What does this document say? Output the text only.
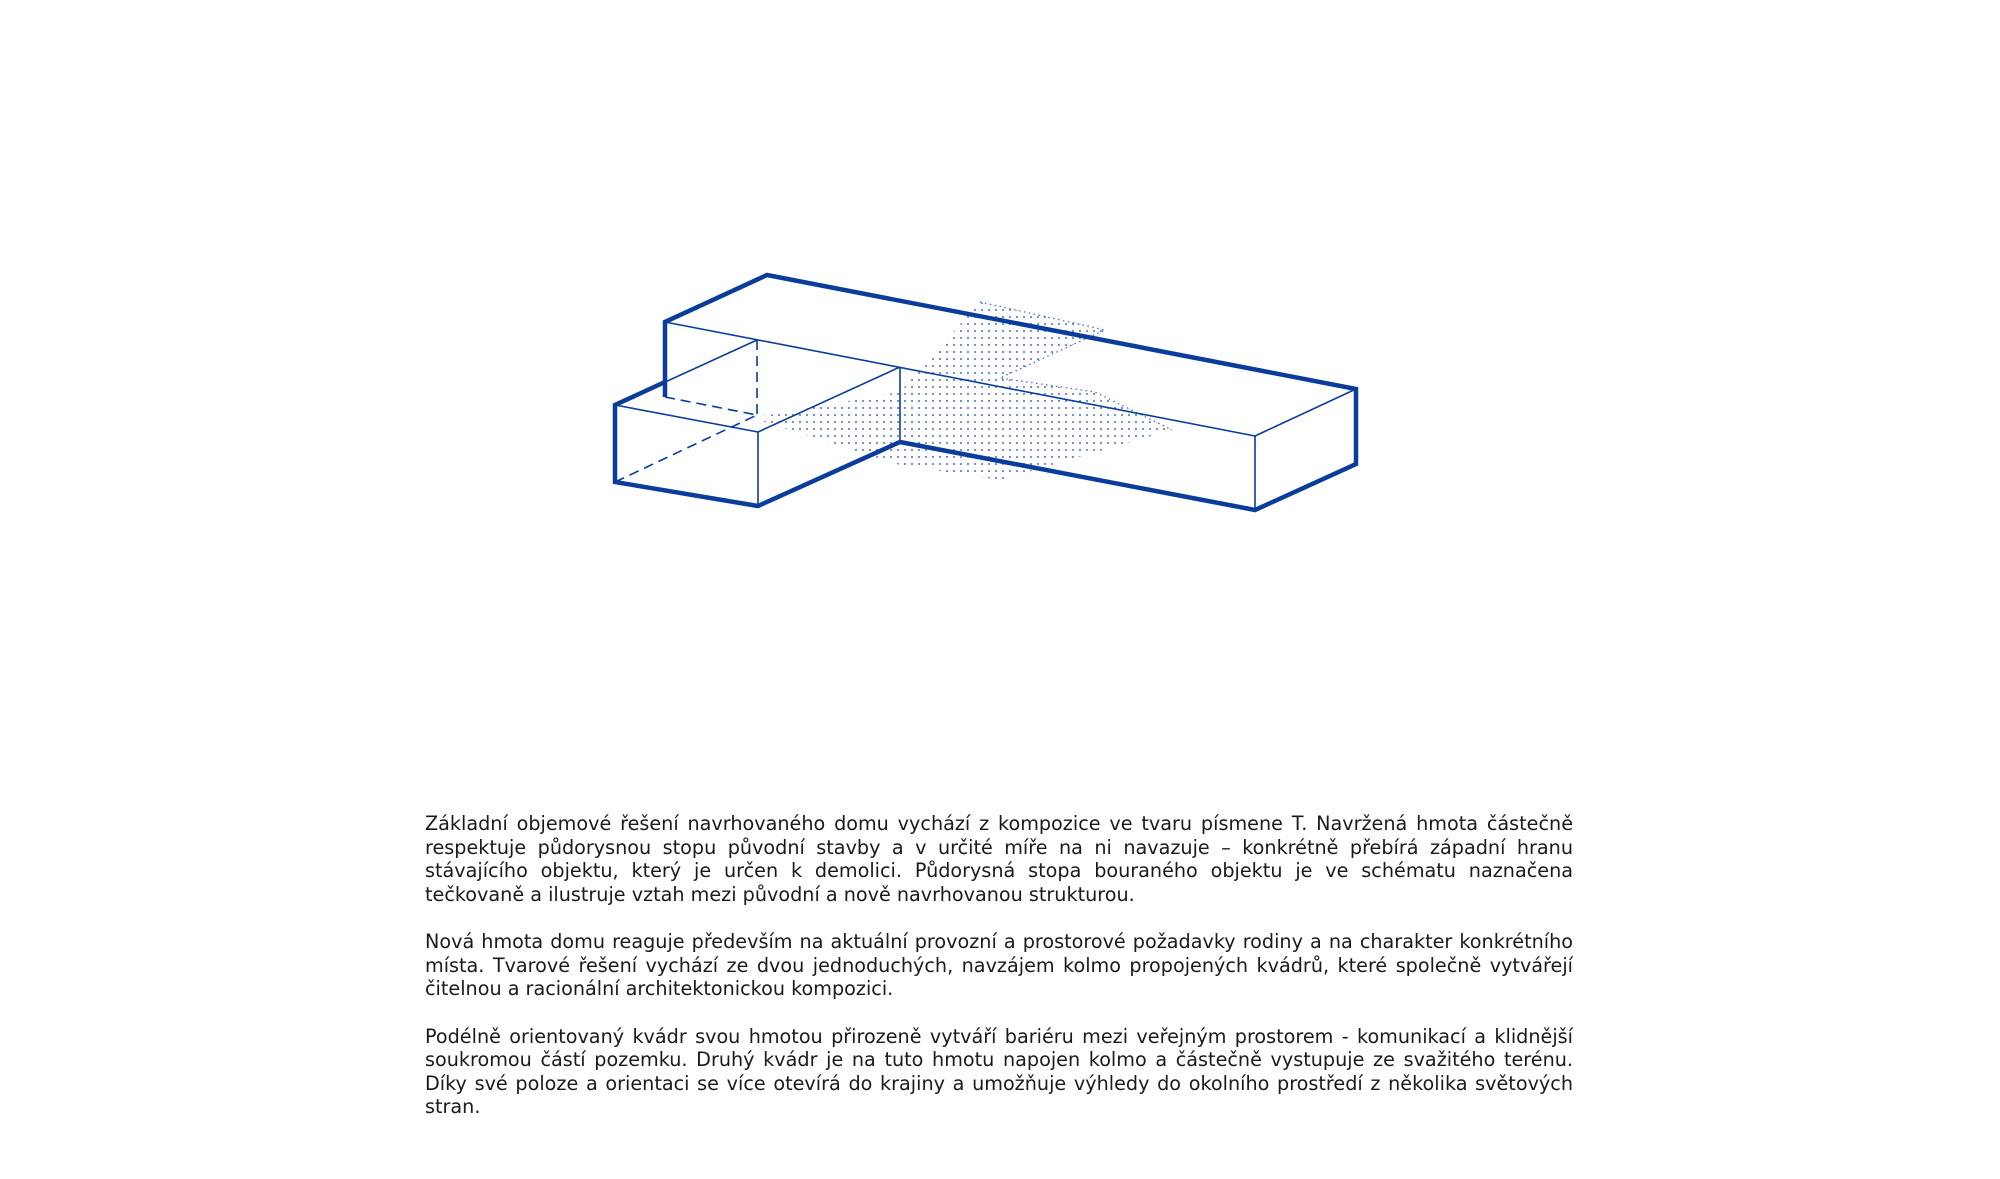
Základní objemové řešení navrhovaného domu vychází z kompozice ve tvaru písmene T. Navržená hmota částečně respektuje půdorysnou stopu původní stavby a v určité míře na ni navazuje – konkrétně přebírá západní hranu stávajícího objektu, který je určen k demolici. Půdorysná stopa bouraného objektu je ve schématu naznačena tečkovaně a ilustruje vztah mezi původní a nově navrhovanou strukturou.

Nová hmota domu reaguje především na aktuální provozní a prostorové požadavky rodiny a na charakter konkrétního místa. Tvarové řešení vychází ze dvou jednoduchých, navzájem kolmo propojených kvádrů, které společně vytvářejí čitelnou a racionální architektonickou kompozici.

Podélně orientovaný kvádr svou hmotou přirozeně vytváří bariéru mezi veřejným prostorem - komunikací a klidnější soukromou částí pozemku. Druhý kvádr je na tuto hmotu napojen kolmo a částečně vystupuje ze svažitého terénu. Díky své poloze a orientaci se více otevírá do krajiny a umožňuje výhledy do okolního prostředí z několika světových stran.
